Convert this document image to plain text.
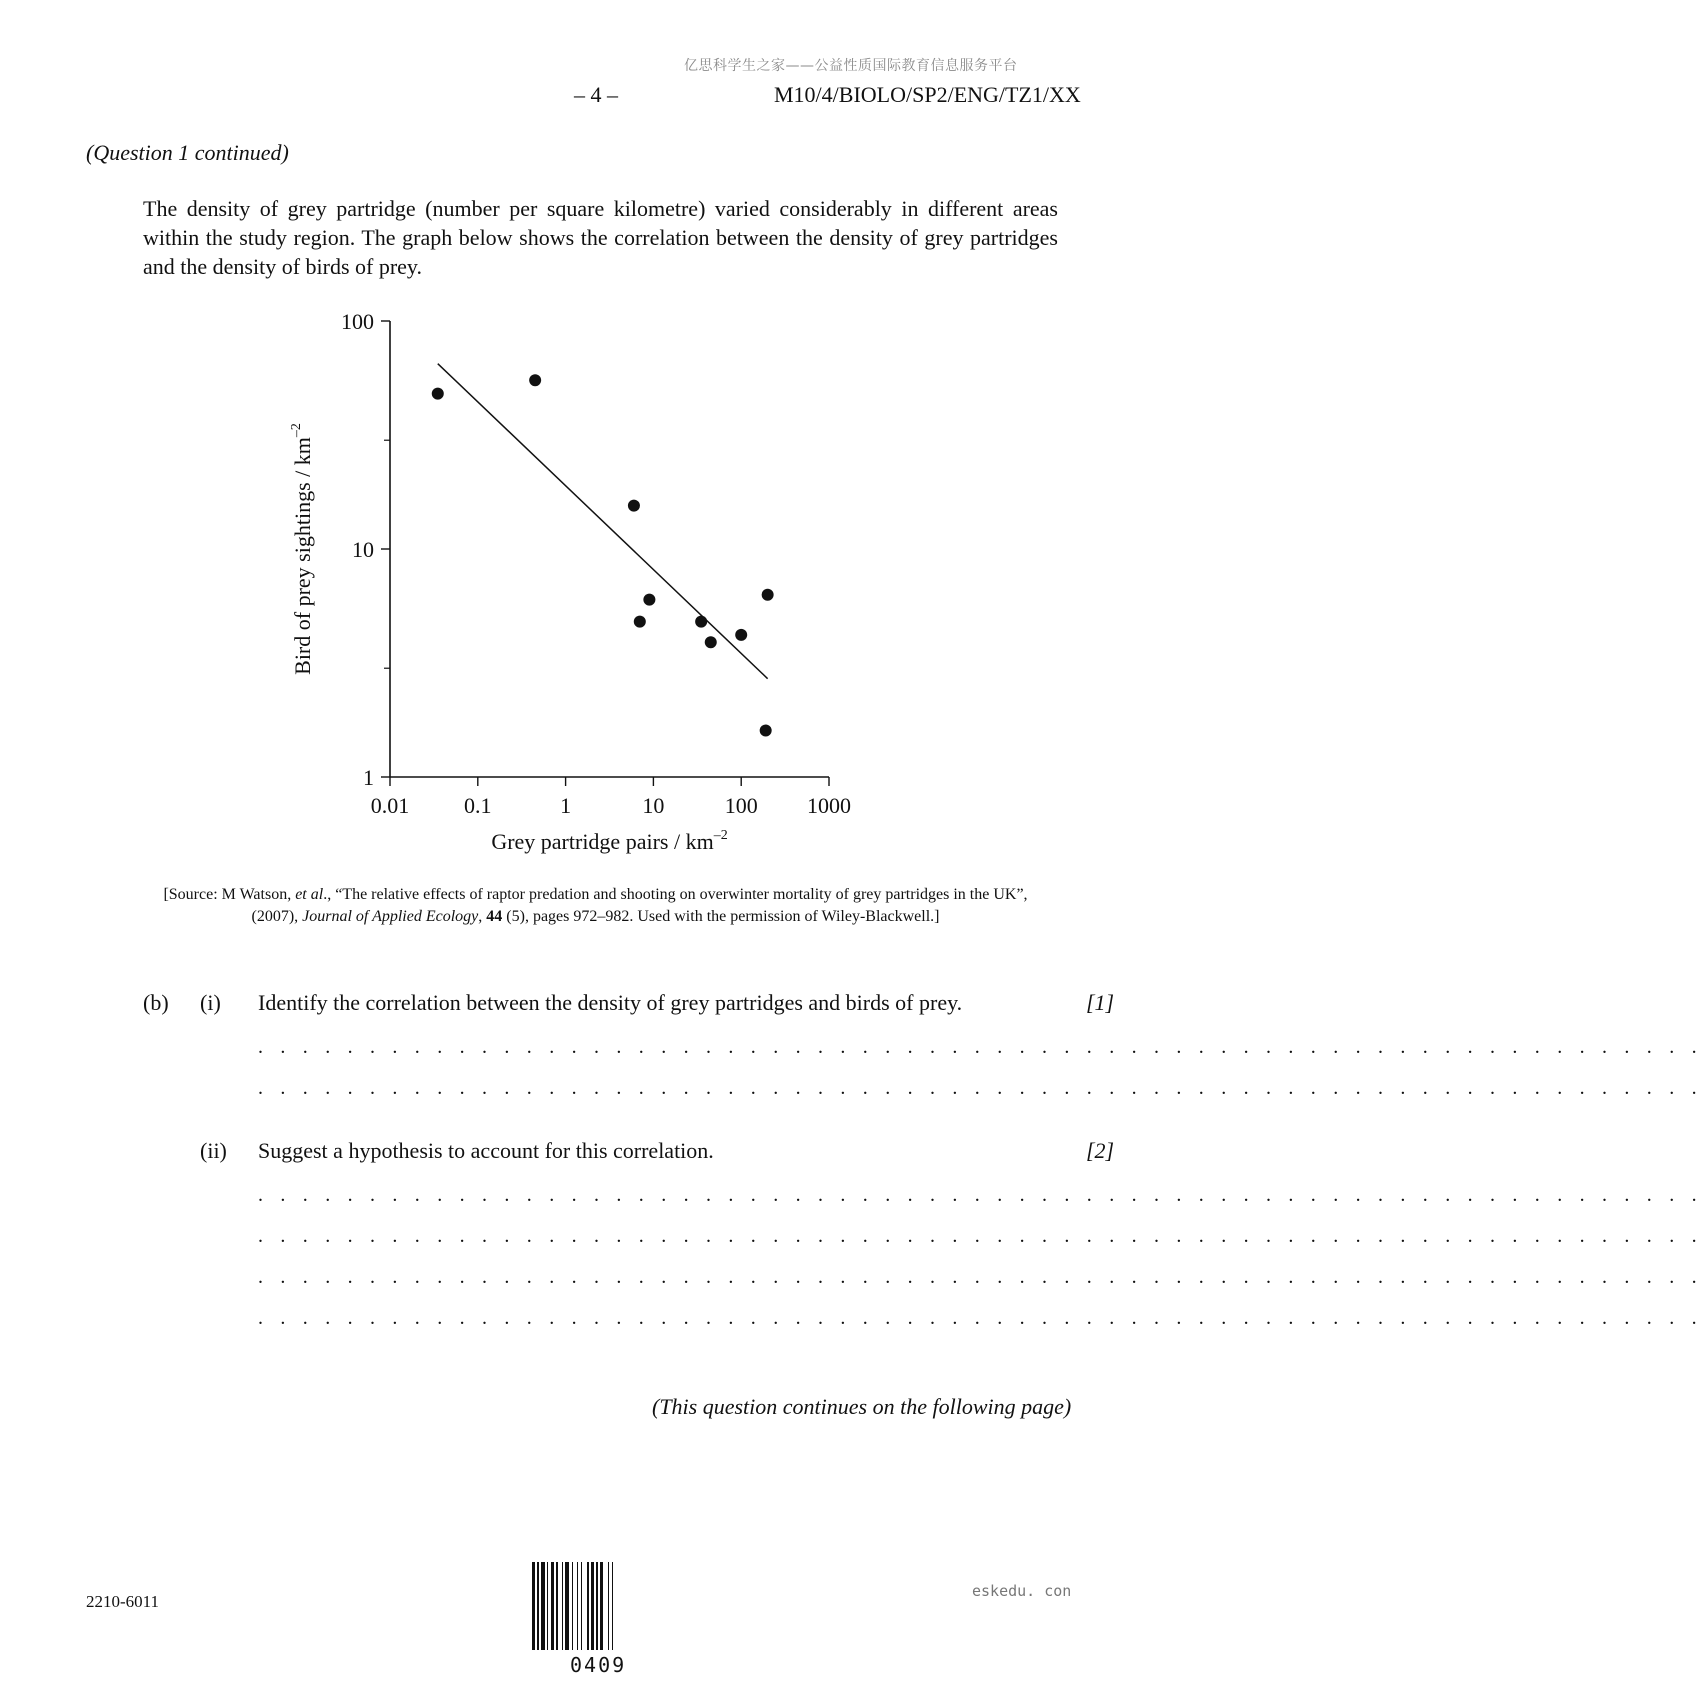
亿思科学生之家——公益性质国际教育信息服务平台
– 4 –	M10/4/BIOLO/SP2/ENG/TZ1/XX
(Question 1 continued)

The density of grey partridge (number per square kilometre) varied considerably in different areas within the study region. The graph below shows the correlation between the density of grey partridges and the density of birds of prey.

0.01 0.1	1	10	100 1000
1
10
100
Grey partridge pairs / $km^{-2}$
Bird of prey sightings / $km^{-2}$

[Source: M Watson, et al., “The relative effects of raptor predation and shooting on overwinter mortality of grey partridges in the UK”,

(2007), Journal of Applied Ecology, 44 (5), pages 972–982. Used with the permission of Wiley-Blackwell.]

(b) (i) Identify the correlation between the density of grey partridges and birds of prey.	[1]
. . . . . . . . . . . . . . . . . . . . . . . . . . . . . . . . . . . . . . . . . . . . . . . . . . . . . . . . . . . . . . . . .
. . . . . . . . . . . . . . . . . . . . . . . . . . . . . . . . . . . . . . . . . . . . . . . . . . . . . . . . . . . . . . . . .
(ii) Suggest a hypothesis to account for this correlation.	[2]
. . . . . . . . . . . . . . . . . . . . . . . . . . . . . . . . . . . . . . . . . . . . . . . . . . . . . . . . . . . . . . . . .
. . . . . . . . . . . . . . . . . . . . . . . . . . . . . . . . . . . . . . . . . . . . . . . . . . . . . . . . . . . . . . . . .
. . . . . . . . . . . . . . . . . . . . . . . . . . . . . . . . . . . . . . . . . . . . . . . . . . . . . . . . . . . . . . . . .
. . . . . . . . . . . . . . . . . . . . . . . . . . . . . . . . . . . . . . . . . . . . . . . . . . . . . . . . . . . . . . . . .
(This question continues on the following page)
2210-6011
eskedu. con
0409
